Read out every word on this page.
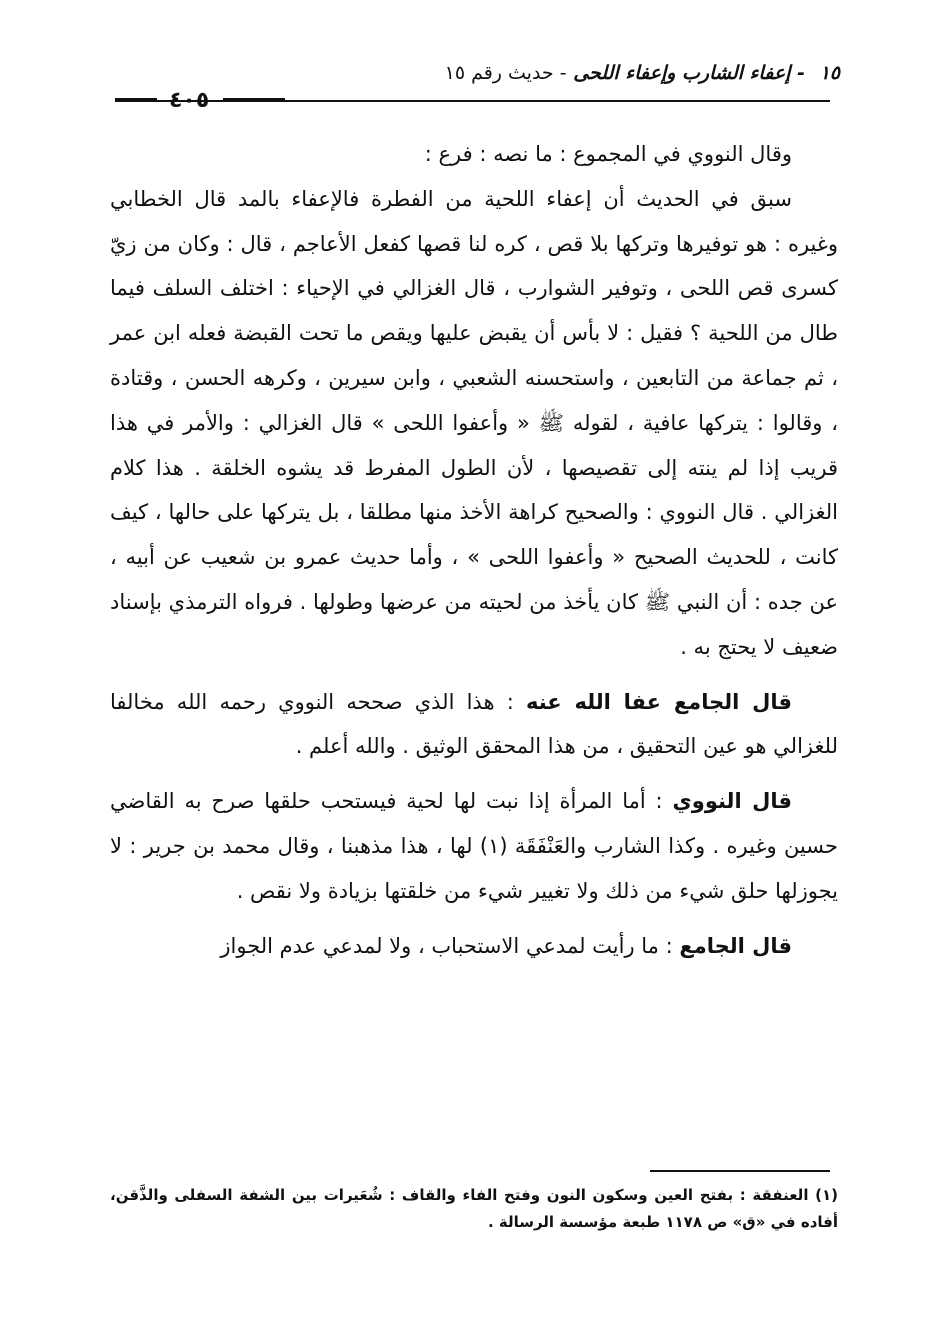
١٥ - إعفاء الشارب وإعفاء اللحى - حديث رقم ١٥
٤٠٥

وقال النووي في المجموع : ما نصه : فرع :

سبق في الحديث أن إعفاء اللحية من الفطرة فالإعفاء بالمد قال الخطابي وغيره : هو توفيرها وتركها بلا قص ، كره لنا قصها كفعل الأعاجم ، قال : وكان من زيّ كسرى قص اللحى ، وتوفير الشوارب ، قال الغزالي في الإحياء : اختلف السلف فيما طال من اللحية ؟ فقيل : لا بأس أن يقبض عليها ويقص ما تحت القبضة فعله ابن عمر ، ثم جماعة من التابعين ، واستحسنه الشعبي ، وابن سيرين ، وكرهه الحسن ، وقتادة ، وقالوا : يتركها عافية ، لقوله ﷺ « وأعفوا اللحى » قال الغزالي : والأمر في هذا قريب إذا لم ينته إلى تقصيصها ، لأن الطول المفرط قد يشوه الخلقة . هذا كلام الغزالي . قال النووي : والصحيح كراهة الأخذ منها مطلقا ، بل يتركها على حالها ، كيف كانت ، للحديث الصحيح « وأعفوا اللحى » ، وأما حديث عمرو بن شعيب عن أبيه ، عن جده : أن النبي ﷺ كان يأخذ من لحيته من عرضها وطولها . فرواه الترمذي بإسناد ضعيف لا يحتج به .

قال الجامع عفا الله عنه : هذا الذي صححه النووي رحمه الله مخالفا للغزالي هو عين التحقيق ، من هذا المحقق الوثيق . والله أعلم .

قال النووي : أما المرأة إذا نبت لها لحية فيستحب حلقها صرح به القاضي حسين وغيره . وكذا الشارب والعَنْفَقَة (١) لها ، هذا مذهبنا ، وقال محمد بن جرير : لا يجوزلها حلق شيء من ذلك ولا تغيير شيء من خلقتها بزيادة ولا نقص .

قال الجامع : ما رأيت لمدعي الاستحباب ، ولا لمدعي عدم الجواز

(١) العنفقة : بفتح العين وسكون النون وفتح الفاء والقاف : شُعَيرات بين الشفة السفلى والذَّقن، أفاده في «ق» ص ١١٧٨ طبعة مؤسسة الرسالة .
